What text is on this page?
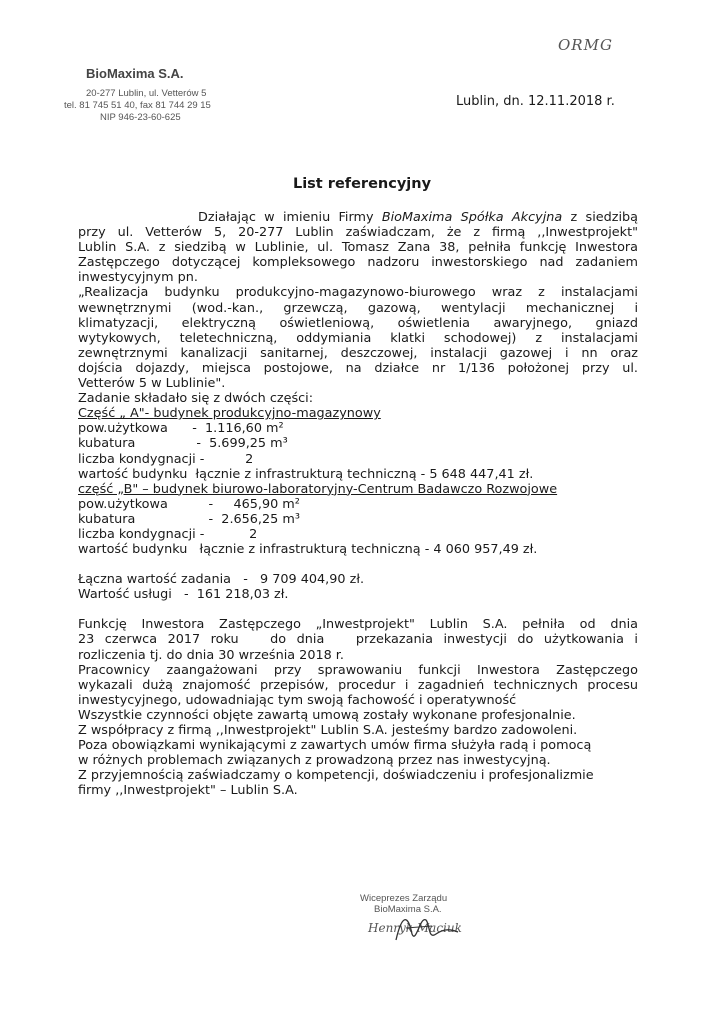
ORMG
BioMaxima S.A.
20-277 Lublin, ul. Vetterów 5
tel. 81 745 51 40, fax 81 744 29 15
NIP 946-23-60-625
Lublin, dn. 12.11.2018 r.
List referencyjny

Działając w imieniu Firmy BioMaxima Spółka Akcyjna z siedzibą

przy ul. Vetterów 5, 20-277 Lublin zaświadczam, że z firmą ,,Inwestprojekt"

Lublin S.A. z siedzibą w Lublinie, ul. Tomasz Zana 38, pełniła funkcję Inwestora

Zastępczego dotyczącej kompleksowego nadzoru inwestorskiego nad zadaniem

inwestycyjnym pn.

„Realizacja budynku produkcyjno-magazynowo-biurowego wraz z instalacjami

wewnętrznymi (wod.-kan., grzewczą, gazową, wentylacji mechanicznej i

klimatyzacji, elektryczną oświetleniową, oświetlenia awaryjnego, gniazd

wytykowych, teletechniczną, oddymiania klatki schodowej) z instalacjami

zewnętrznymi kanalizacji sanitarnej, deszczowej, instalacji gazowej i nn oraz

dojścia dojazdy, miejsca postojowe, na działce nr 1/136 położonej przy ul.

Vetterów 5 w Lublinie".

Zadanie składało się z dwóch części:

Część „ A"- budynek produkcyjno-magazynowy

pow.użytkowa      -  1.116,60 m²

kubatura               -  5.699,25 m³

liczba kondygnacji -          2

wartość budynku  łącznie z infrastrukturą techniczną - 5 648 447,41 zł.

część „B" – budynek biurowo-laboratoryjny-Centrum Badawczo Rozwojowe

pow.użytkowa          -     465,90 m²

kubatura                  -  2.656,25 m³

liczba kondygnacji -           2

wartość budynku   łącznie z infrastrukturą techniczną - 4 060 957,49 zł.

Łączna wartość zadania   -   9 709 404,90 zł.

Wartość usługi   -  161 218,03 zł.

Funkcję Inwestora Zastępczego „Inwestprojekt" Lublin S.A. pełniła od dnia

23 czerwca 2017 roku   do dnia   przekazania inwestycji do użytkowania i

rozliczenia tj. do dnia 30 września 2018 r.

Pracownicy zaangażowani przy sprawowaniu funkcji Inwestora Zastępczego

wykazali dużą znajomość przepisów, procedur i zagadnień technicznych procesu

inwestycyjnego, udowadniając tym swoją fachowość i operatywność

Wszystkie czynności objęte zawartą umową zostały wykonane profesjonalnie.

Z współpracy z firmą ,,Inwestprojekt" Lublin S.A. jesteśmy bardzo zadowoleni.

Poza obowiązkami wynikającymi z zawartych umów firma służyła radą i pomocą

w różnych problemach związanych z prowadzoną przez nas inwestycyjną.

Z przyjemnością zaświadczamy o kompetencji, doświadczeniu i profesjonalizmie

firmy ,,Inwestprojekt" – Lublin S.A.

Wiceprezes Zarządu
BioMaxima S.A.
Henryk Maciuk
